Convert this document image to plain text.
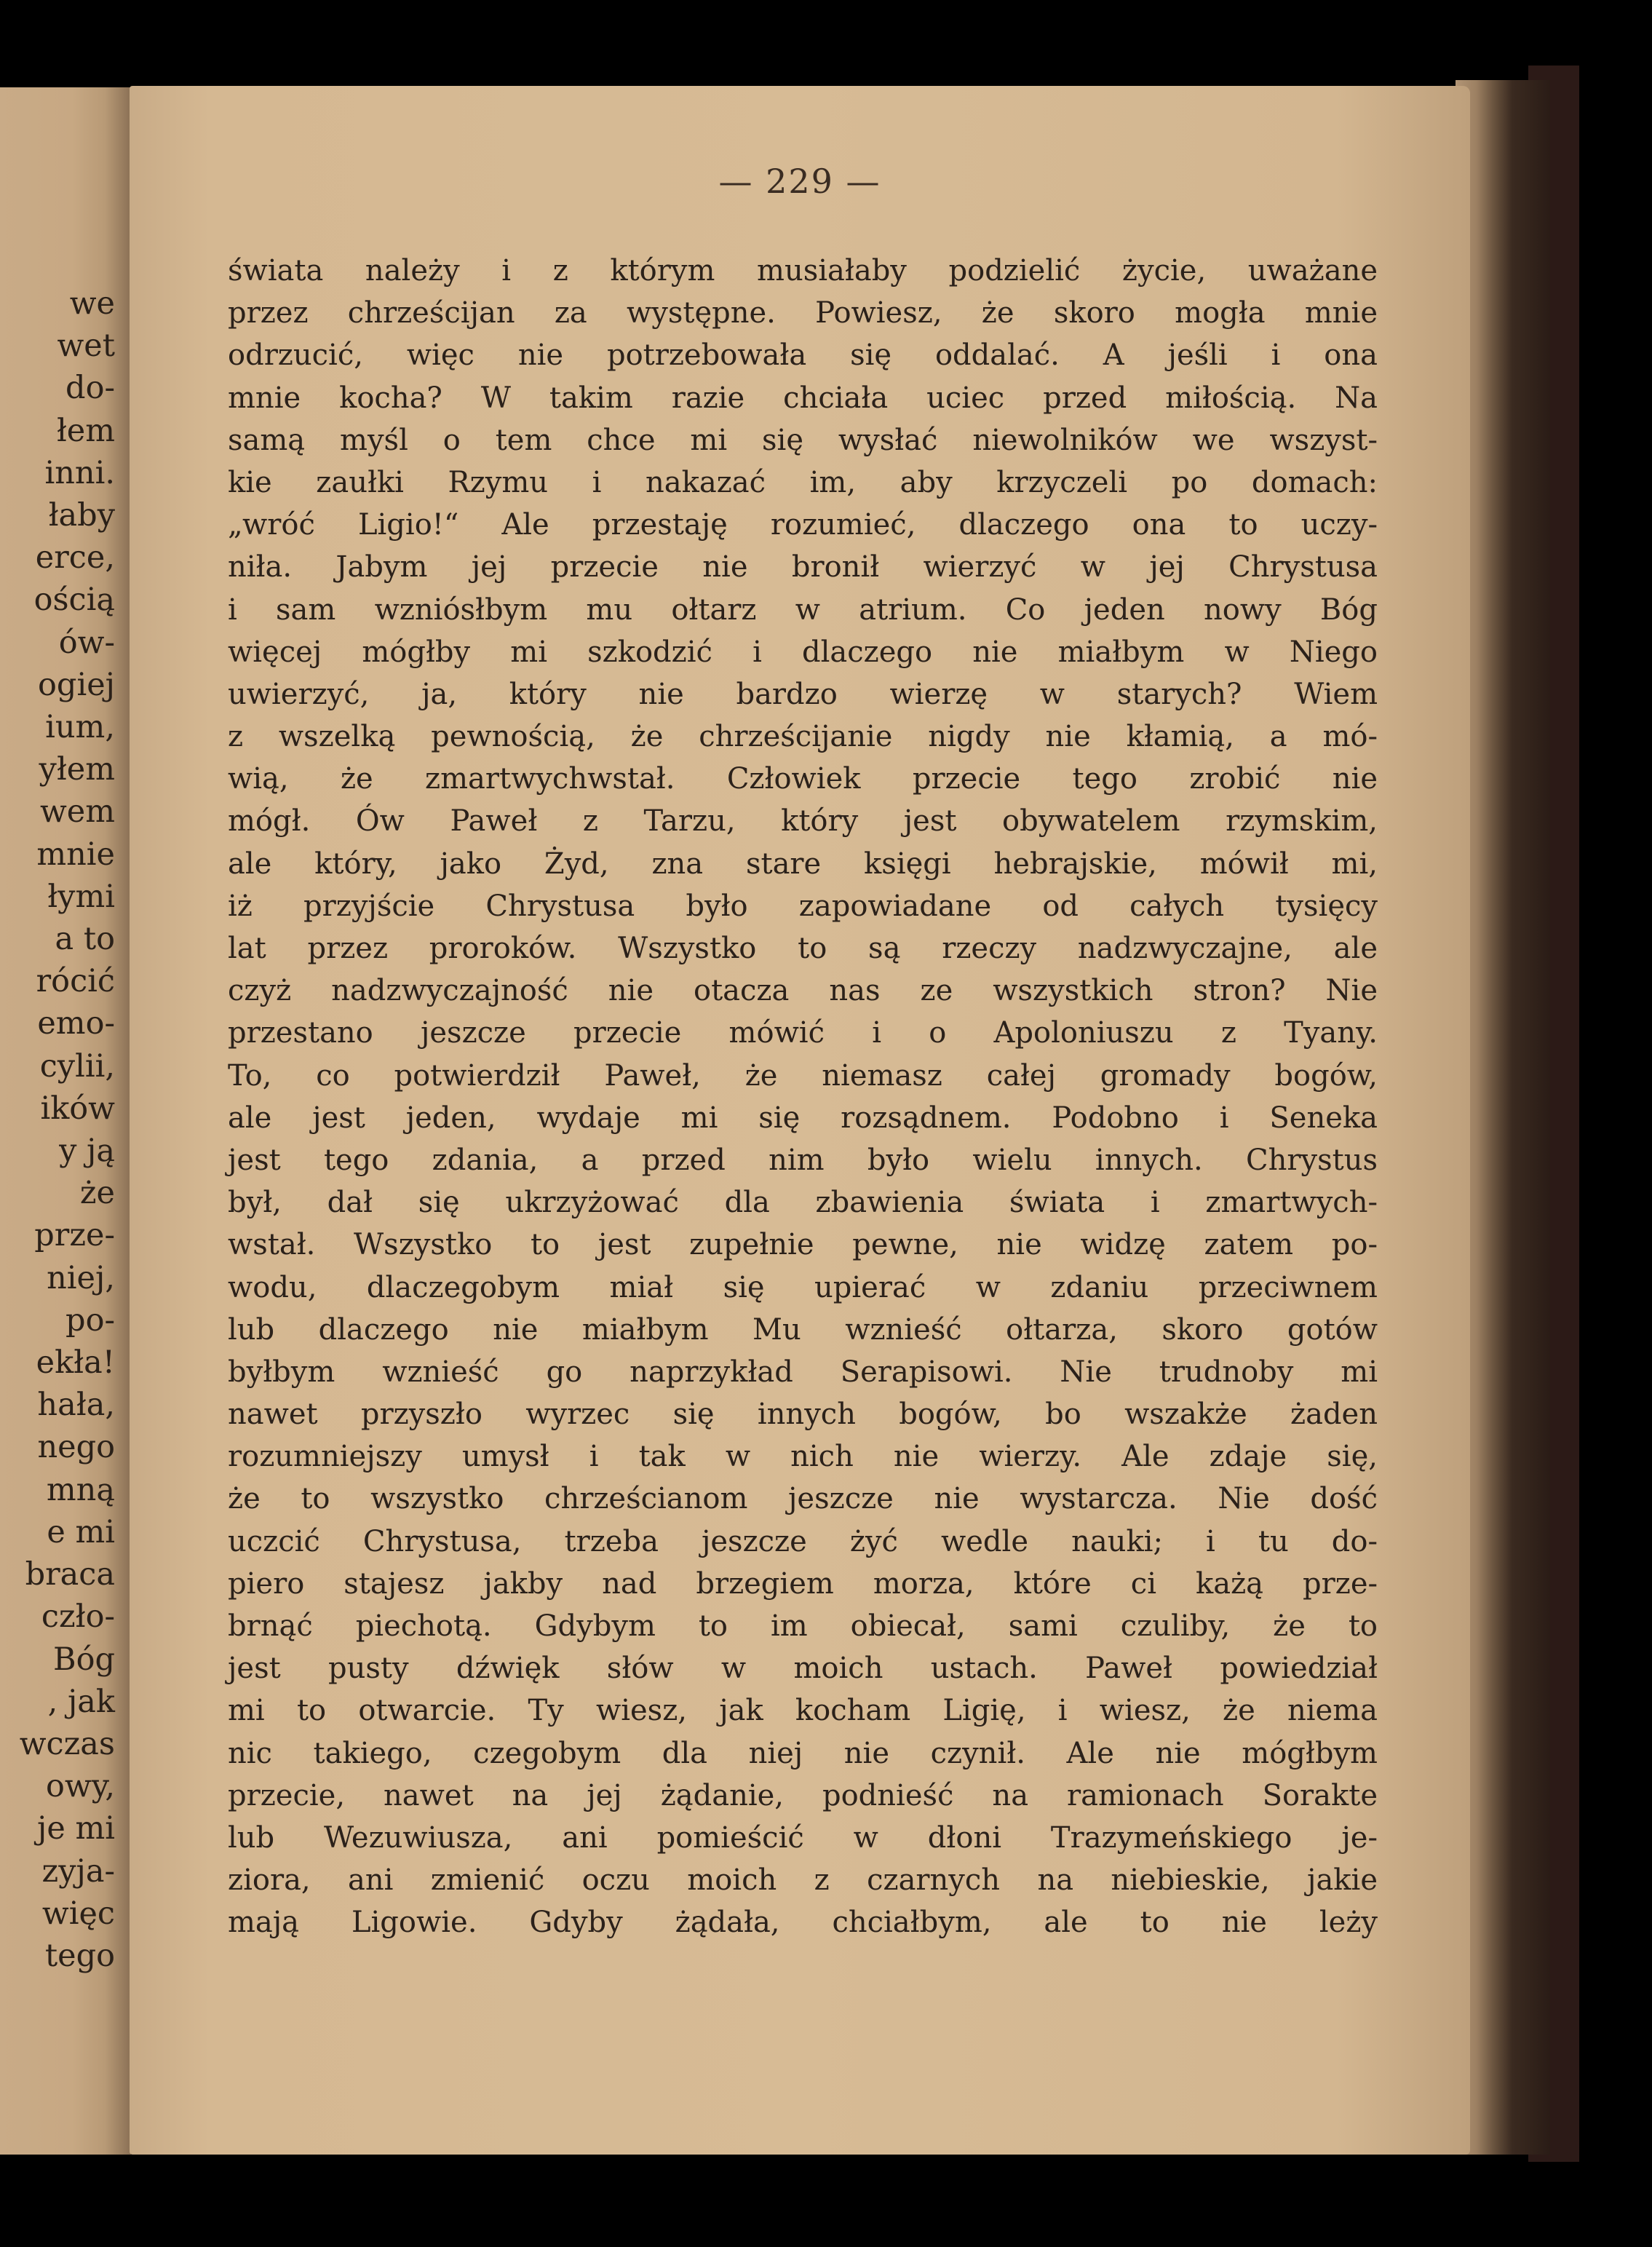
we
wet
do-
łem
inni.
łaby
erce,
ością
ów-
ogiej
ium,
yłem
wem
mnie
łymi
a to
rócić
emo-
cylii,
ików
y ją
że
prze-
niej,
po-
ekła!
hała,
nego
mną
e mi
braca
czło-
Bóg
, jak
wczas
owy,
je mi
zyja-
więc
tego
— 229 —
świata należy i z którym musiałaby podzielić życie, uważane
przez chrześcijan za występne. Powiesz, że skoro mogła mnie
odrzucić, więc nie potrzebowała się oddalać. A jeśli i ona
mnie kocha? W takim razie chciała uciec przed miłością. Na
samą myśl o tem chce mi się wysłać niewolników we wszyst-
kie zaułki Rzymu i nakazać im, aby krzyczeli po domach:
„wróć Ligio!“ Ale przestaję rozumieć, dlaczego ona to uczy-
niła. Jabym jej przecie nie bronił wierzyć w jej Chrystusa
i sam wzniósłbym mu ołtarz w atrium. Co jeden nowy Bóg
więcej mógłby mi szkodzić i dlaczego nie miałbym w Niego
uwierzyć, ja, który nie bardzo wierzę w starych? Wiem
z wszelką pewnością, że chrześcijanie nigdy nie kłamią, a mó-
wią, że zmartwychwstał. Człowiek przecie tego zrobić nie
mógł. Ów Paweł z Tarzu, który jest obywatelem rzymskim,
ale który, jako Żyd, zna stare księgi hebrajskie, mówił mi,
iż przyjście Chrystusa było zapowiadane od całych tysięcy
lat przez proroków. Wszystko to są rzeczy nadzwyczajne, ale
czyż nadzwyczajność nie otacza nas ze wszystkich stron? Nie
przestano jeszcze przecie mówić i o Apoloniuszu z Tyany.
To, co potwierdził Paweł, że niemasz całej gromady bogów,
ale jest jeden, wydaje mi się rozsądnem. Podobno i Seneka
jest tego zdania, a przed nim było wielu innych. Chrystus
był, dał się ukrzyżować dla zbawienia świata i zmartwych-
wstał. Wszystko to jest zupełnie pewne, nie widzę zatem po-
wodu, dlaczegobym miał się upierać w zdaniu przeciwnem
lub dlaczego nie miałbym Mu wznieść ołtarza, skoro gotów
byłbym wznieść go naprzykład Serapisowi. Nie trudnoby mi
nawet przyszło wyrzec się innych bogów, bo wszakże żaden
rozumniejszy umysł i tak w nich nie wierzy. Ale zdaje się,
że to wszystko chrześcianom jeszcze nie wystarcza. Nie dość
uczcić Chrystusa, trzeba jeszcze żyć wedle nauki; i tu do-
piero stajesz jakby nad brzegiem morza, które ci każą prze-
brnąć piechotą. Gdybym to im obiecał, sami czuliby, że to
jest pusty dźwięk słów w moich ustach. Paweł powiedział
mi to otwarcie. Ty wiesz, jak kocham Ligię, i wiesz, że niema
nic takiego, czegobym dla niej nie czynił. Ale nie mógłbym
przecie, nawet na jej żądanie, podnieść na ramionach Sorakte
lub Wezuwiusza, ani pomieścić w dłoni Trazymeńskiego je-
ziora, ani zmienić oczu moich z czarnych na niebieskie, jakie
mają Ligowie. Gdyby żądała, chciałbym, ale to nie leży
